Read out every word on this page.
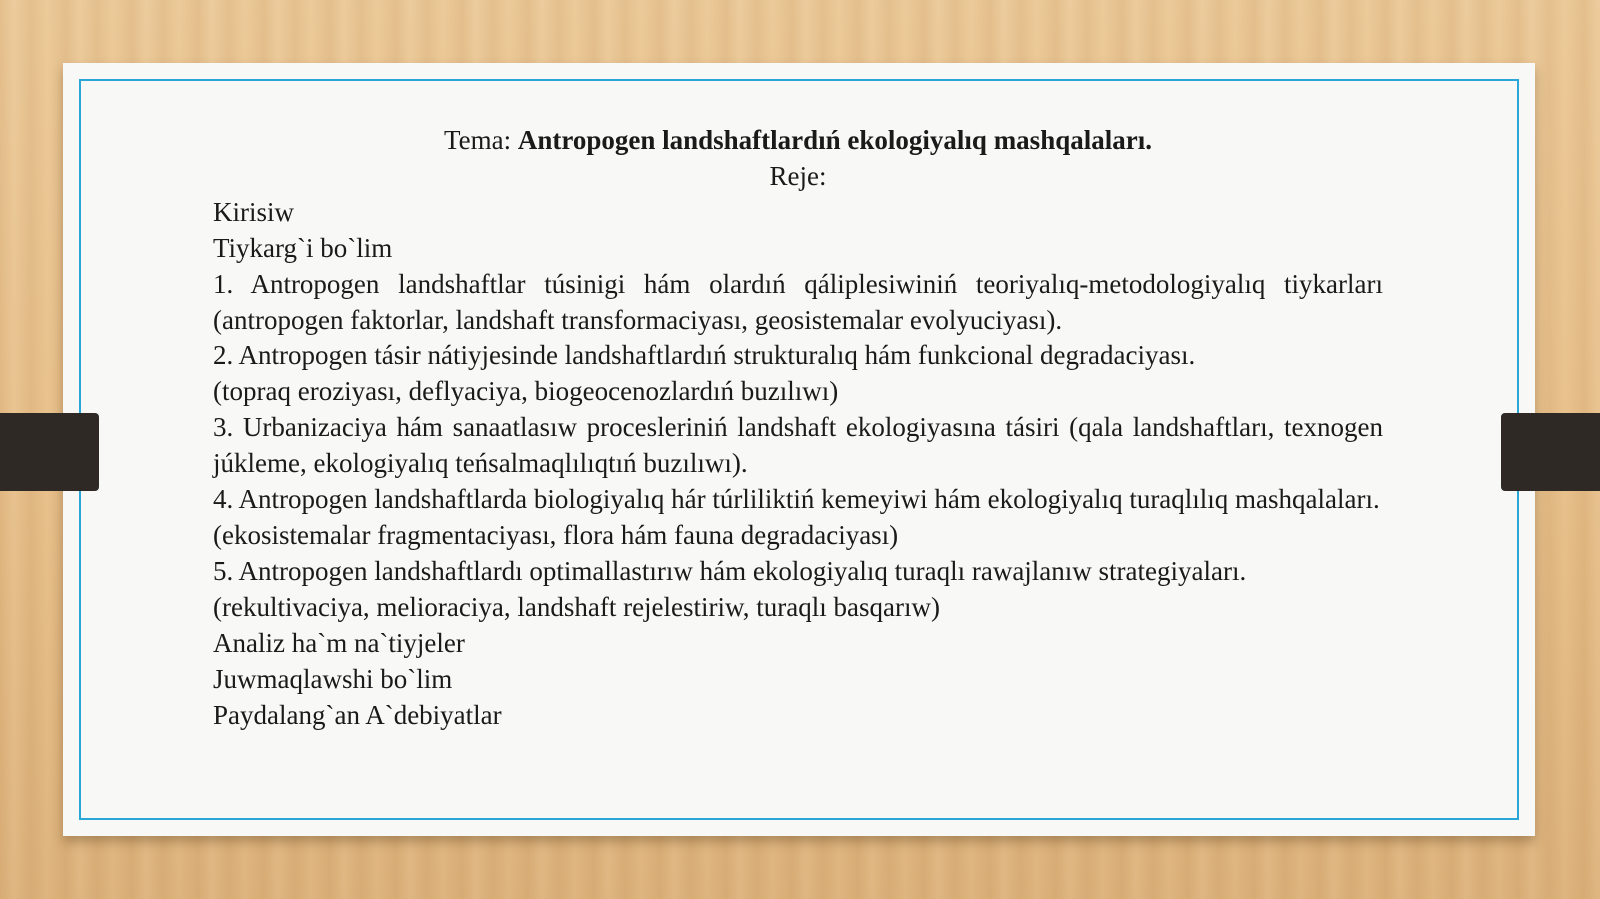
Tema: Antropogen landshaftlardıń ekologiyalıq mashqalaları.
Reje:
Kirisiw
Tiykarg`i bo`lim
1. Antropogen landshaftlar túsinigi hám olardıń qáliplesiwiniń teoriyalıq-metodologiyalıq tiykarları (antropogen faktorlar, landshaft transformaciyası, geosistemalar evolyuciyası).
2. Antropogen tásir nátiyjesinde landshaftlardıń strukturalıq hám funkcional degradaciyası.
(topraq eroziyası, deflyaciya, biogeocenozlardıń buzılıwı)
3. Urbanizaciya hám sanaatlasıw procesleriniń landshaft ekologiyasına tásiri (qala landshaftları, texnogen júkleme, ekologiyalıq teńsalmaqlılıqtıń buzılıwı).
4. Antropogen landshaftlarda biologiyalıq hár túrliliktiń kemeyiwi hám ekologiyalıq turaqlılıq mashqalaları.
(ekosistemalar fragmentaciyası, flora hám fauna degradaciyası)
5. Antropogen landshaftlardı optimallastırıw hám ekologiyalıq turaqlı rawajlanıw strategiyaları.
(rekultivaciya, melioraciya, landshaft rejelestiriw, turaqlı basqarıw)
Analiz ha`m na`tiyjeler
Juwmaqlawshi bo`lim
Paydalang`an A`debiyatlar
